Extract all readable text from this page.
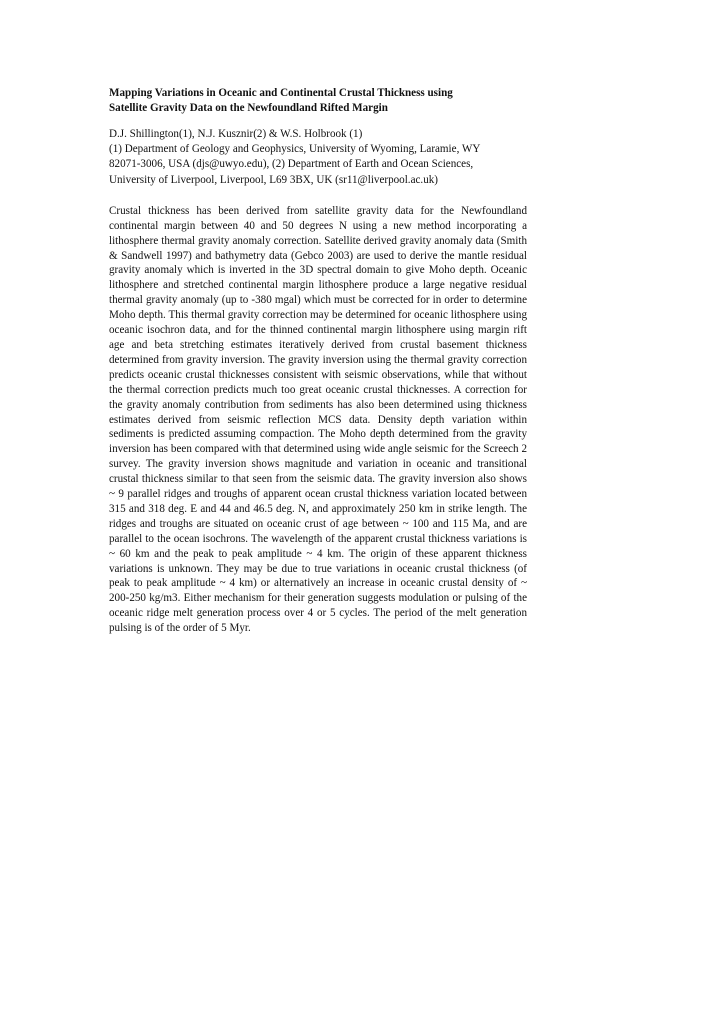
Mapping Variations in Oceanic and Continental Crustal Thickness using
Satellite Gravity Data on the Newfoundland Rifted Margin
D.J. Shillington(1), N.J. Kusznir(2) & W.S. Holbrook (1)
(1) Department of Geology and Geophysics, University of Wyoming, Laramie, WY
82071-3006, USA (djs@uwyo.edu), (2) Department of Earth and Ocean Sciences,
University of Liverpool, Liverpool, L69 3BX, UK (sr11@liverpool.ac.uk)

Crustal thickness has been derived from satellite gravity data for the Newfoundland continental margin between 40 and 50 degrees N using a new method incorporating a lithosphere thermal gravity anomaly correction. Satellite derived gravity anomaly data (Smith & Sandwell 1997) and bathymetry data (Gebco 2003) are used to derive the mantle residual gravity anomaly which is inverted in the 3D spectral domain to give Moho depth. Oceanic lithosphere and stretched continental margin lithosphere produce a large negative residual thermal gravity anomaly (up to -380 mgal) which must be corrected for in order to determine Moho depth. This thermal gravity correction may be determined for oceanic lithosphere using oceanic isochron data, and for the thinned continental margin lithosphere using margin rift age and beta stretching estimates iteratively derived from crustal basement thickness determined from gravity inversion. The gravity inversion using the thermal gravity correction predicts oceanic crustal thicknesses consistent with seismic observations, while that without the thermal correction predicts much too great oceanic crustal thicknesses. A correction for the gravity anomaly contribution from sediments has also been determined using thickness estimates derived from seismic reflection MCS data. Density depth variation within sediments is predicted assuming compaction. The Moho depth determined from the gravity inversion has been compared with that determined using wide angle seismic for the Screech 2 survey. The gravity inversion shows magnitude and variation in oceanic and transitional crustal thickness similar to that seen from the seismic data. The gravity inversion also shows ~ 9 parallel ridges and troughs of apparent ocean crustal thickness variation located between 315 and 318 deg. E and 44 and 46.5 deg. N, and approximately 250 km in strike length. The ridges and troughs are situated on oceanic crust of age between ~ 100 and 115 Ma, and are parallel to the ocean isochrons. The wavelength of the apparent crustal thickness variations is ~ 60 km and the peak to peak amplitude ~ 4 km. The origin of these apparent thickness variations is unknown. They may be due to true variations in oceanic crustal thickness (of peak to peak amplitude ~ 4 km) or alternatively an increase in oceanic crustal density of ~ 200-250 kg/m3. Either mechanism for their generation suggests modulation or pulsing of the oceanic ridge melt generation process over 4 or 5 cycles. The period of the melt generation pulsing is of the order of 5 Myr.
